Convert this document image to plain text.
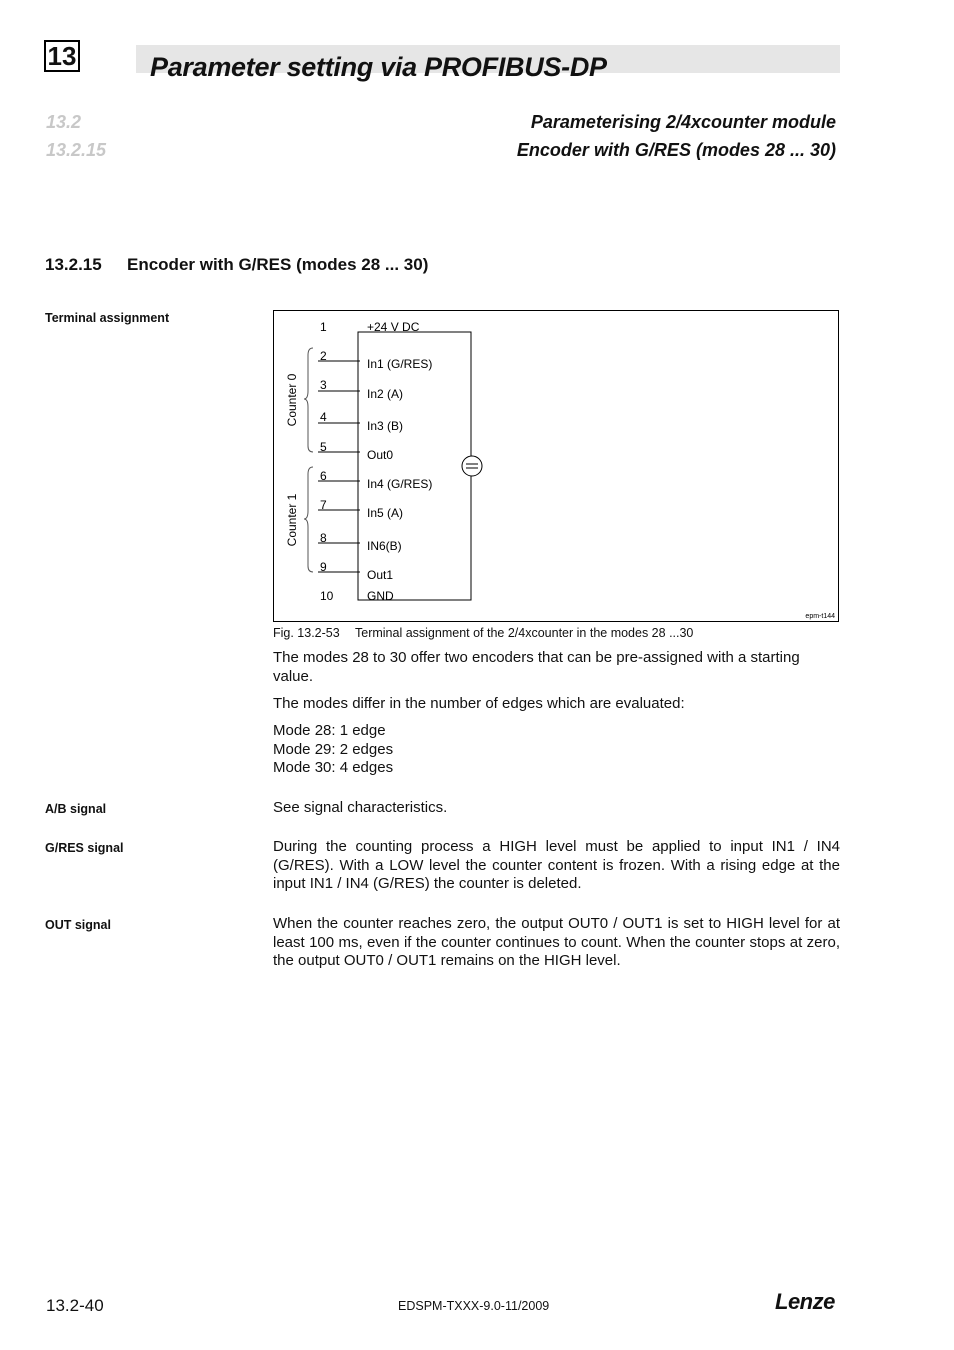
13	Parameter setting via PROFIBUS-DP
13.2	Parameterising 2/4xcounter module
13.2.15	Encoder with G/RES (modes 28 ... 30)
13.2.15 Encoder with G/RES (modes 28 ... 30)
Terminal assignment
A/B signal
G/RES signal
OUT signal
1	+24 V DC
2
In1 (G/RES)
3
In2 (A)
4
In3 (B)
5
Out0
6
In4 (G/RES)
7
In5 (A)
8
IN6(B)
9
Out1
10	GND
Counter 0
Counter 1
epm-t144
Fig. 13.2-53 Terminal assignment of the 2/4xcounter in the modes 28 ...30
The modes 28 to 30 offer two encoders that can be pre-assigned with a starting value.
The modes differ in the number of edges which are evaluated:
Mode 28: 1 edge
Mode 29: 2 edges
Mode 30: 4 edges
See signal characteristics.
During the counting process a HIGH level must be applied to input IN1 / IN4 (G/RES). With a LOW level the counter content is frozen. With a rising edge at the input IN1 / IN4 (G/RES) the counter is deleted.
When the counter reaches zero, the output OUT0 / OUT1 is set to HIGH level for at least 100 ms, even if the counter continues to count. When the counter stops at zero, the output OUT0 / OUT1 remains on the HIGH level.
13.2-40	EDSPM-TXXX-9.0-11/2009	Lenze
